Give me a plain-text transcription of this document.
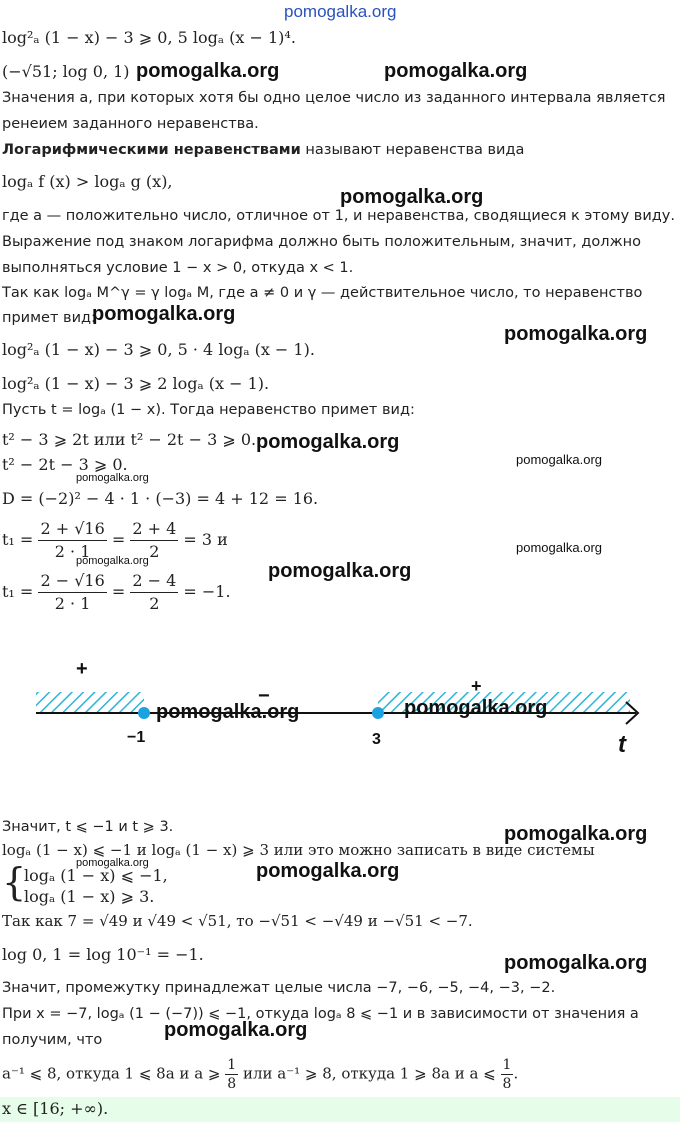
pomogalka.org
log²ₐ (1 − x) − 3 ⩾ 0, 5 logₐ (x − 1)⁴.
(−√51; log 0, 1) pomogalka.org	pomogalka.org
Значения a, при которых хотя бы одно целое число из заданного интервала является
ренеием заданного неравенства.
Логарифмическими неравенствами называют неравенства вида
logₐ f (x) > logₐ g (x),
pomogalka.org
где a — положительно число, отличное от 1, и неравенства, сводящиеся к этому виду.
Выражение под знаком логарифма должно быть положительным, значит, должно
выполняться условие 1 − x > 0, откуда x < 1.
Так как logₐ M^γ = γ logₐ M, где a ≠ 0 и γ — действительное число, то неравенство
примет вид:
pomogalka.org
pomogalka.org
log²ₐ (1 − x) − 3 ⩾ 0, 5 · 4 logₐ (x − 1).
log²ₐ (1 − x) − 3 ⩾ 2 logₐ (x − 1).
Пусть t = logₐ (1 − x). Тогда неравенство примет вид:
t² − 3 ⩾ 2t или t² − 2t − 3 ⩾ 0. pomogalka.org
t² − 2t − 3 ⩾ 0.	pomogalka.org
pomogalka.org
D = (−2)² − 4 · 1 · (−3) = 4 + 12 = 16.
$t_1 = \frac{2 + √16}{2 \cdot 1} = \frac{2 + 4}{2} = 3$ и
pomogalka.org
pomogalka.org
$t_1 = \frac{2 - √16}{2 \cdot 1} = \frac{2 - 4}{2} = -1$.
pomogalka.org
+
−	+
−1	3	t
pomogalka.org	pomogalka.org
Значит, t ⩽ −1 и t ⩾ 3.	pomogalka.org
logₐ (1 − x) ⩽ −1 и logₐ (1 − x) ⩾ 3 или это можно записать в виде системы
pomogalka.org
{
logₐ (1 − x) ⩽ −1,
logₐ (1 − x) ⩾ 3.
pomogalka.org
Так как 7 = √49 и √49 < √51, то −√51 < −√49 и −√51 < −7.
log 0, 1 = log 10⁻¹ = −1.	pomogalka.org
Значит, промежутку принадлежат целые числа −7, −6, −5, −4, −3, −2.
При x = −7, logₐ (1 − (−7)) ⩽ −1, откуда logₐ 8 ⩽ −1 и в зависимости от значения a
pomogalka.org
получим, что
a⁻¹ ⩽ 8, откуда 1 ⩽ 8a и a ⩾ $\frac{1}{8}$ или a⁻¹ ⩾ 8, откуда 1 ⩾ 8a и a ⩽ $\frac{1}{8}$ .
x ∈ [16; +∞).
